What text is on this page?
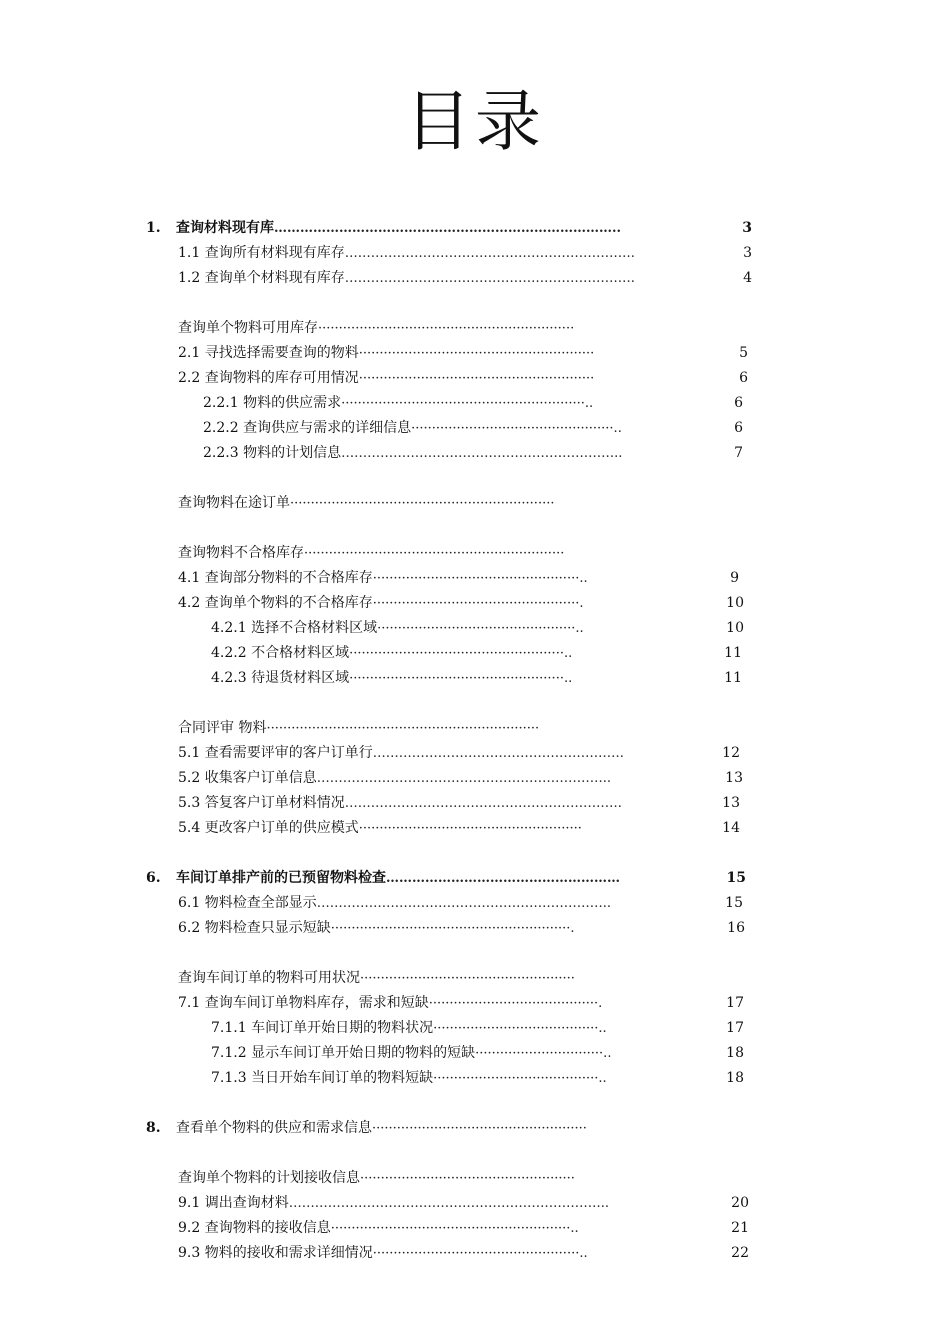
目录
1.	查询材料现有库 ……………………………………………………………………..	3
1.1 查询所有材料现有库存 ………………………………………………………….	3
1.2 查询单个材料现有库存 ………………………………………………………….	4
查询单个物料可用库存 ······························································
2.1 寻找选择需要查询的物料 ·························································	5
2.2 查询物料的库存可用情况 ·························································	6
2.2.1 物料的供应需求 ···························································..	6
2.2.2 查询供应与需求的详细信息 ·················································..	6
2.2.3 物料的计划信息 ………………………………………………………..	7
查询物料在途订单 ································································
查询物料不合格库存 ·······························································
4.1 查询部分物料的不合格库存 ··················································..	9
4.2 查询单个物料的不合格库存 ··················································.	10
4.2.1 选择不合格材料区域 ················································..	10
4.2.2 不合格材料区域 ····················································..	11
4.2.3 待退货材料区域 ····················································..	11
合同评审 物料 ··································································
5.1 查看需要评审的客户订单行 ………………………………………………….	12
5.2 收集客户订单信息 …………………………………………………………..	13
5.3 答复客户订单材料情况 ……………………………………………………….	13
5.4 更改客户订单的供应模式 ······················································	14
6.	车间订单排产前的已预留物料检查 ………………………………………………	15
6.1 物料检查全部显示 …………………………………………………………..	15
6.2 物料检查只显示短缺 ··························································.	16
查询车间订单的物料可用状况 ····················································
7.1 查询车间订单物料库存，需求和短缺 ·········································.	17
7.1.1 车间订单开始日期的物料状况 ········································..	17
7.1.2 显示车间订单开始日期的物料的短缺 ·······························..	18
7.1.3 当日开始车间订单的物料短缺 ········································..	18
8.	查看单个物料的供应和需求信息 ····················································
查询单个物料的计划接收信息 ····················································
9.1 调出查询材料 ………………………………………………………………..	20
9.2 查询物料的接收信息 ··························································..	21
9.3 物料的接收和需求详细情况 ··················································..	22
